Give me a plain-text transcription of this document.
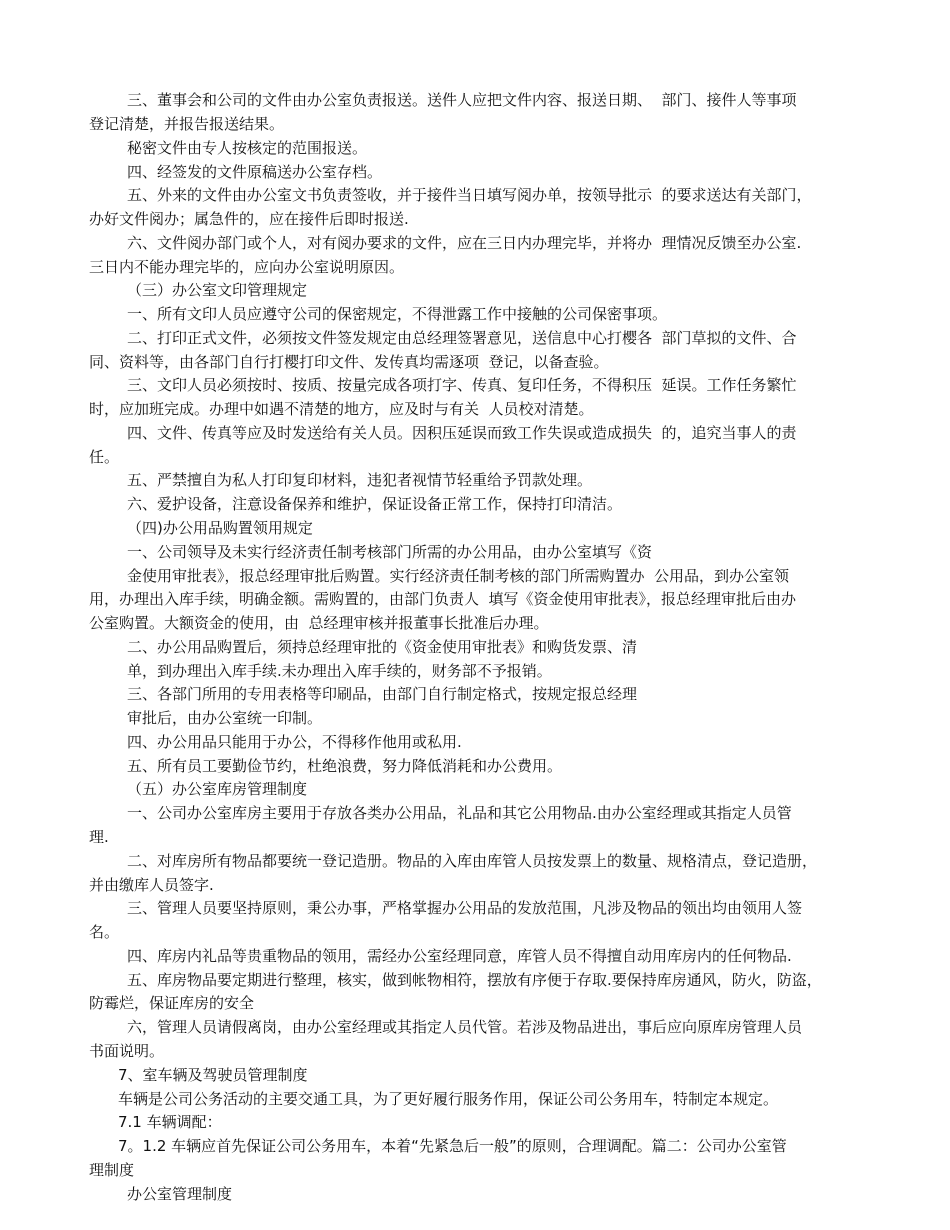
三、董事会和公司的文件由办公室负责报送。送件人应把文件内容、报送日期、  部门、接件人等事项
登记清楚，并报告报送结果。
秘密文件由专人按核定的范围报送。
四、经签发的文件原稿送办公室存档。
五、外来的文件由办公室文书负责签收，并于接件当日填写阅办单，按领导批示  的要求送达有关部门，
办好文件阅办；属急件的，应在接件后即时报送.
六、文件阅办部门或个人，对有阅办要求的文件，应在三日内办理完毕，并将办  理情况反馈至办公室.
三日内不能办理完毕的，应向办公室说明原因。
（三）办公室文印管理规定
一、所有文印人员应遵守公司的保密规定，不得泄露工作中接触的公司保密事项。
二、打印正式文件，必须按文件签发规定由总经理签署意见，送信息中心打樱各  部门草拟的文件、合
同、资料等，由各部门自行打樱打印文件、发传真均需逐项  登记，以备查验。
三、文印人员必须按时、按质、按量完成各项打字、传真、复印任务，不得积压  延误。工作任务繁忙
时，应加班完成。办理中如遇不清楚的地方，应及时与有关  人员校对清楚。
四、文件、传真等应及时发送给有关人员。因积压延误而致工作失误或造成损失  的，追究当事人的责
任。
五、严禁擅自为私人打印复印材料，违犯者视情节轻重给予罚款处理。
六、爱护设备，注意设备保养和维护，保证设备正常工作，保持打印清洁。
（四)办公用品购置领用规定
一、公司领导及未实行经济责任制考核部门所需的办公用品，由办公室填写《资
金使用审批表》，报总经理审批后购置。实行经济责任制考核的部门所需购置办  公用品，到办公室领
用，办理出入库手续，明确金额。需购置的，由部门负责人  填写《资金使用审批表》，报总经理审批后由办
公室购置。大额资金的使用，由  总经理审核并报董事长批准后办理。
二、办公用品购置后，须持总经理审批的《资金使用审批表》和购货发票、清
单，到办理出入库手续.未办理出入库手续的，财务部不予报销。
三、各部门所用的专用表格等印刷品，由部门自行制定格式，按规定报总经理
审批后，由办公室统一印制。
四、办公用品只能用于办公，不得移作他用或私用.
五、所有员工要勤俭节约，杜绝浪费，努力降低消耗和办公费用。
（五）办公室库房管理制度
一、公司办公室库房主要用于存放各类办公用品，礼品和其它公用物品.由办公室经理或其指定人员管
理.
二、对库房所有物品都要统一登记造册。物品的入库由库管人员按发票上的数量、规格清点，登记造册，
并由缴库人员签字.
三、管理人员要坚持原则，秉公办事，严格掌握办公用品的发放范围，凡涉及物品的领出均由领用人签
名。
四、库房内礼品等贵重物品的领用，需经办公室经理同意，库管人员不得擅自动用库房内的任何物品.
五、库房物品要定期进行整理，核实，做到帐物相符，摆放有序便于存取.要保持库房通风，防火，防盗，
防霉烂，保证库房的安全
六，管理人员请假离岗，由办公室经理或其指定人员代管。若涉及物品进出，事后应向原库房管理人员
书面说明。
7、室车辆及驾驶员管理制度
车辆是公司公务活动的主要交通工具，为了更好履行服务作用，保证公司公务用车，特制定本规定。
7.1 车辆调配：
7。1.2 车辆应首先保证公司公务用车，本着“先紧急后一般”的原则，合理调配。篇二：公司办公室管
理制度
办公室管理制度
